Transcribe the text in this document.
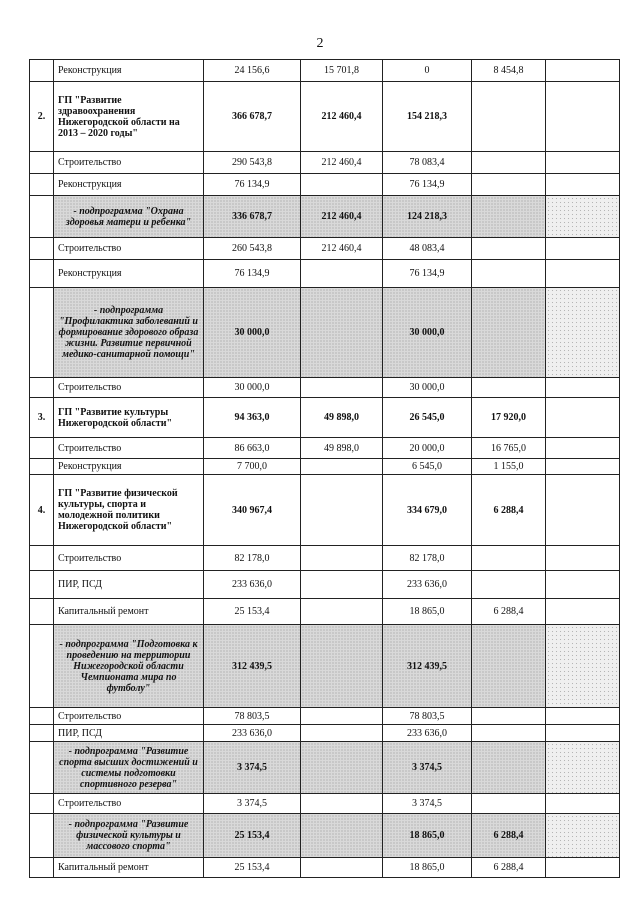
2
	Реконструкция	24 156,6	15 701,8	0	8 454,8	
2.	ГП "Развитие здравоохранения Нижегородской области на 2013 – 2020 годы"	366 678,7	212 460,4	154 218,3		
	Строительство	290 543,8	212 460,4	78 083,4		
	Реконструкция	76 134,9		76 134,9		
	- подпрограмма "Охрана здоровья матери и ребенка"	336 678,7	212 460,4	124 218,3		
	Строительство	260 543,8	212 460,4	48 083,4		
	Реконструкция	76 134,9		76 134,9		
	- подпрограмма "Профилактика заболеваний и формирование здорового образа жизни. Развитие первичной медико-санитарной помощи"	30 000,0		30 000,0		
	Строительство	30 000,0		30 000,0		
3.	ГП "Развитие культуры Нижегородской области"	94 363,0	49 898,0	26 545,0	17 920,0	
	Строительство	86 663,0	49 898,0	20 000,0	16 765,0	
	Реконструкция	7 700,0		6 545,0	1 155,0	
4.	ГП "Развитие физической культуры, спорта и молодежной политики Нижегородской области"	340 967,4		334 679,0	6 288,4	
	Строительство	82 178,0		82 178,0		
	ПИР, ПСД	233 636,0		233 636,0		
	Капитальный ремонт	25 153,4		18 865,0	6 288,4	
	- подпрограмма "Подготовка к проведению на территории Нижегородской области Чемпионата мира по футболу"	312 439,5		312 439,5		
	Строительство	78 803,5		78 803,5		
	ПИР, ПСД	233 636,0		233 636,0		
	- подпрограмма "Развитие спорта высших достижений и системы подготовки спортивного резерва"	3 374,5		3 374,5		
	Строительство	3 374,5		3 374,5		
	- подпрограмма "Развитие физической культуры и массового спорта"	25 153,4		18 865,0	6 288,4	
	Капитальный ремонт	25 153,4		18 865,0	6 288,4	
